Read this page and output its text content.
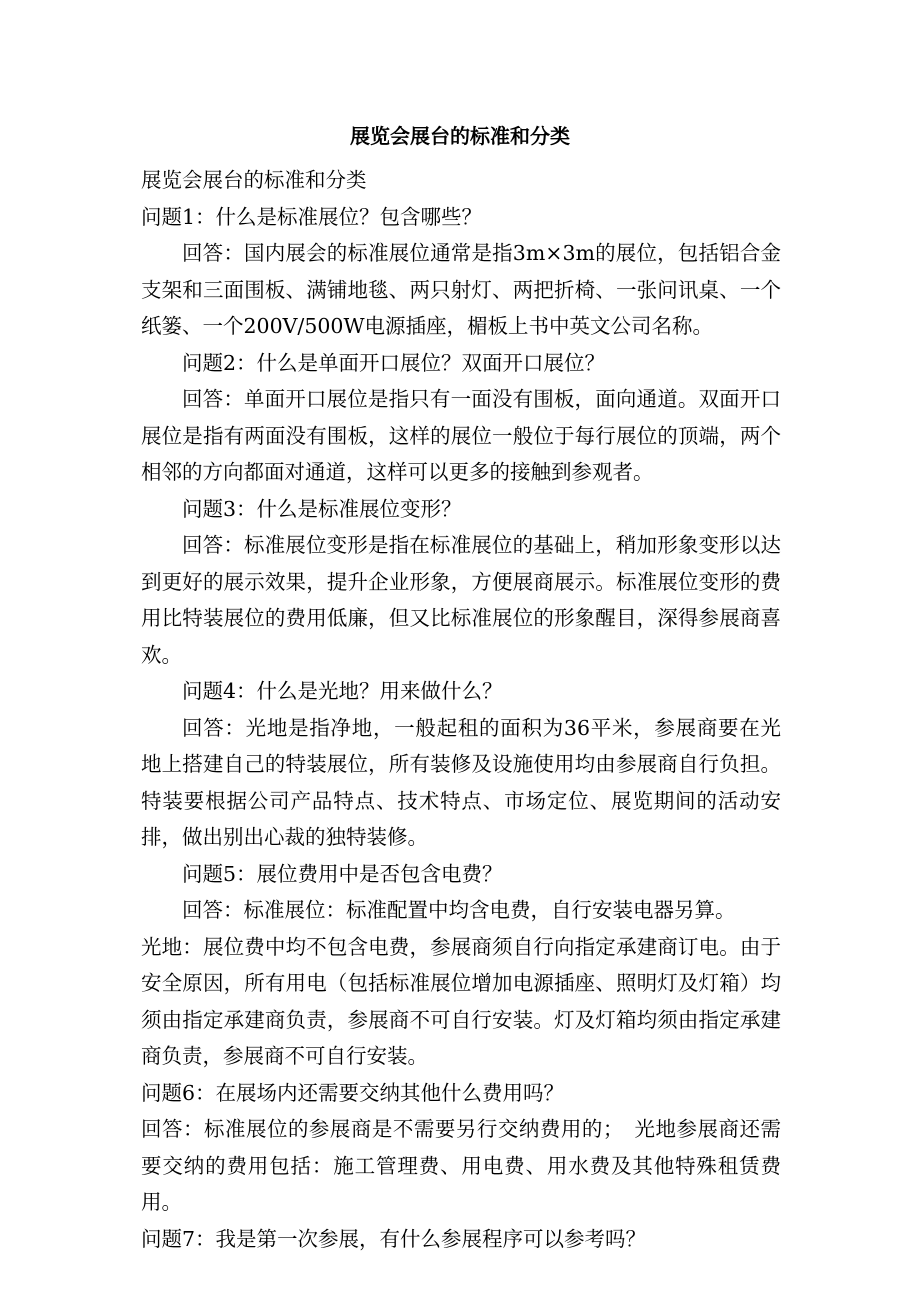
展览会展台的标准和分类

展览会展台的标准和分类

问题1：什么是标准展位？包含哪些？

回答：国内展会的标准展位通常是指3m×3m的展位，包括铝合金支架和三面围板、满铺地毯、两只射灯、两把折椅、一张问讯桌、一个纸篓、一个200V/500W电源插座，楣板上书中英文公司名称。

问题2：什么是单面开口展位？双面开口展位？

回答：单面开口展位是指只有一面没有围板，面向通道。双面开口展位是指有两面没有围板，这样的展位一般位于每行展位的顶端，两个相邻的方向都面对通道，这样可以更多的接触到参观者。

问题3：什么是标准展位变形？

回答：标准展位变形是指在标准展位的基础上，稍加形象变形以达到更好的展示效果，提升企业形象，方便展商展示。标准展位变形的费用比特装展位的费用低廉，但又比标准展位的形象醒目，深得参展商喜欢。

问题4：什么是光地？用来做什么？

回答：光地是指净地，一般起租的面积为36平米，参展商要在光地上搭建自己的特装展位，所有装修及设施使用均由参展商自行负担。特装要根据公司产品特点、技术特点、市场定位、展览期间的活动安排，做出别出心裁的独特装修。

问题5：展位费用中是否包含电费？

回答：标准展位：标准配置中均含电费，自行安装电器另算。

光地：展位费中均不包含电费，参展商须自行向指定承建商订电。由于安全原因，所有用电（包括标准展位增加电源插座、照明灯及灯箱）均须由指定承建商负责，参展商不可自行安装。灯及灯箱均须由指定承建商负责，参展商不可自行安装。

问题6：在展场内还需要交纳其他什么费用吗？

回答：标准展位的参展商是不需要另行交纳费用的；　光地参展商还需要交纳的费用包括：施工管理费、用电费、用水费及其他特殊租赁费用。

问题7：我是第一次参展，有什么参展程序可以参考吗？
